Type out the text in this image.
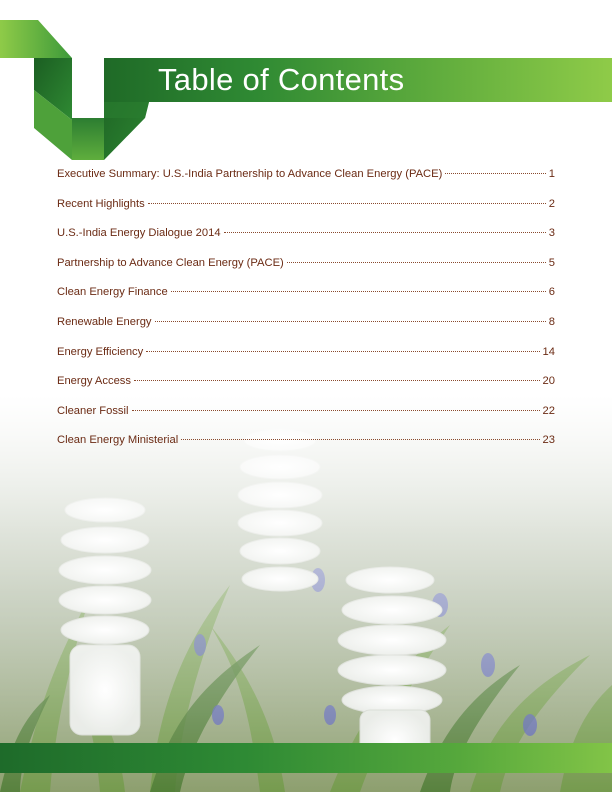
Table of Contents
Executive Summary: U.S.-India Partnership to Advance Clean Energy (PACE)	1
Recent Highlights	2
U.S.-India Energy Dialogue 2014	3
Partnership to Advance Clean Energy (PACE)	5
Clean Energy Finance	6
Renewable Energy	8
Energy Efficiency	14
Energy Access	20
Cleaner Fossil	22
Clean Energy Ministerial	23
